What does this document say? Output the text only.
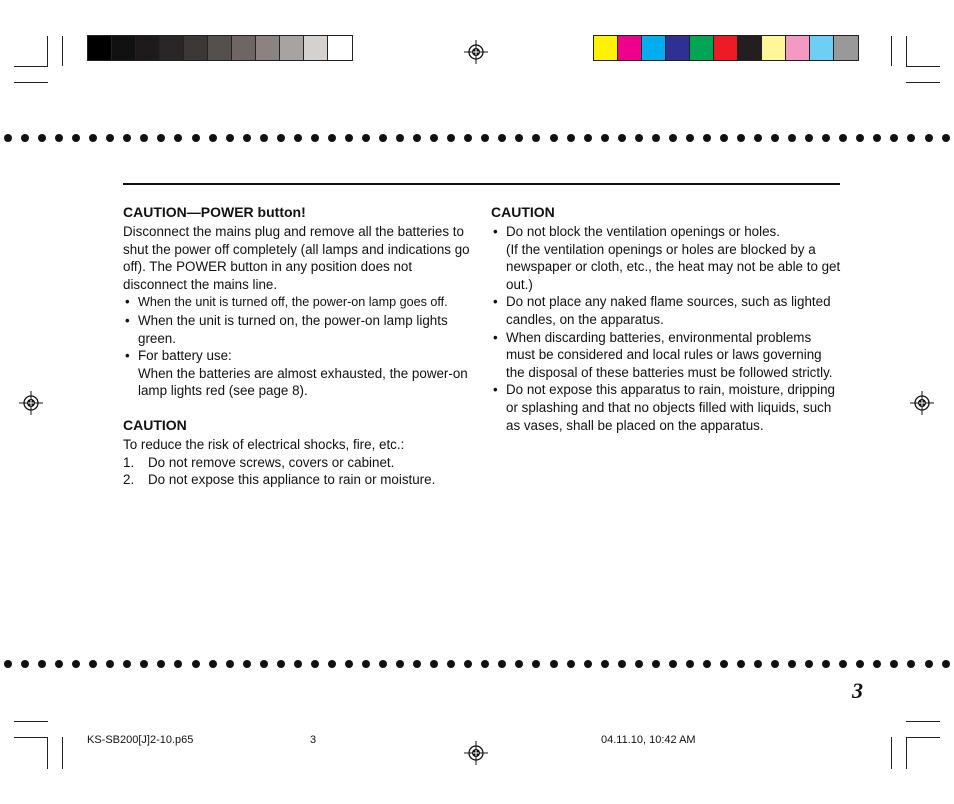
CAUTION—POWER button!

Disconnect the mains plug and remove all the batteries to shut the power off completely (all lamps and indications go off). The POWER button in any position does not disconnect the mains line.

• When the unit is turned off, the power-on lamp goes off.
• When the unit is turned on, the power-on lamp lights green.
• For battery use:
When the batteries are almost exhausted, the power-on lamp lights red (see page 8).
CAUTION

To reduce the risk of electrical shocks, fire, etc.:

1. Do not remove screws, covers or cabinet.
2. Do not expose this appliance to rain or moisture.
CAUTION
• Do not block the ventilation openings or holes.
(If the ventilation openings or holes are blocked by a newspaper or cloth, etc., the heat may not be able to get out.)
• Do not place any naked flame sources, such as lighted candles, on the apparatus.
• When discarding batteries, environmental problems must be considered and local rules or laws governing the disposal of these batteries must be followed strictly.
• Do not expose this apparatus to rain, moisture, dripping or splashing and that no objects filled with liquids, such as vases, shall be placed on the apparatus.
3
KS-SB200[J]2-10.p65	3	04.11.10, 10:42 AM
